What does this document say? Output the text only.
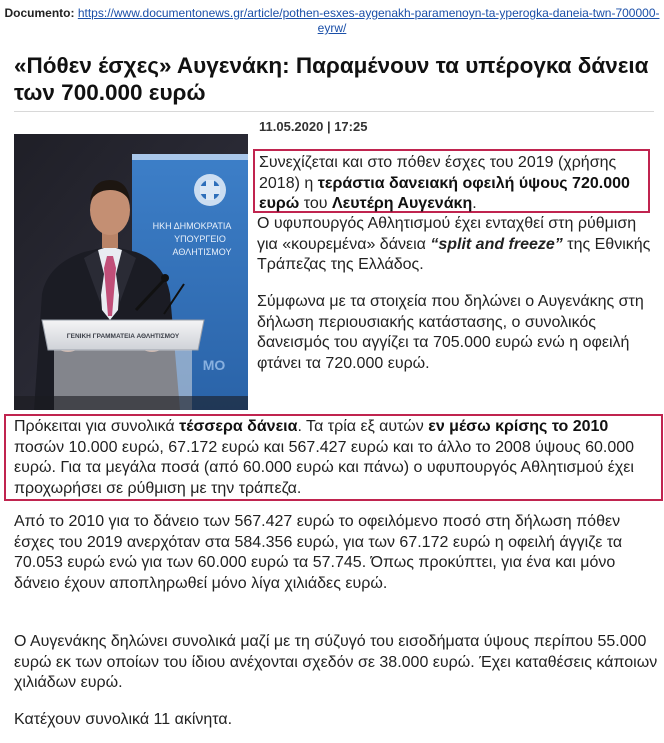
Documento: https://www.documentonews.gr/article/pothen-esxes-aygenakh-paramenoyn-ta-yperogka-daneia-twn-700000-eyrw/
«Πόθεν έσχες» Αυγενάκη: Παραμένουν τα υπέρογκα δάνεια των 700.000 ευρώ
ΗΚΗ ΔΗΜΟΚΡΑΤΙΑ
ΥΠΟΥΡΓΕΙΟ
ΑΘΛΗΤΙΣΜΟΥ
ΜΟ
ΓΕΝΙΚΗ ΓΡΑΜΜΑΤΕΙΑ ΑΘΛΗΤΙΣΜΟΥ
11.05.2020 | 17:25
Συνεχίζεται και στο πόθεν έσχες του 2019 (χρήσης 2018) η τεράστια δανειακή οφειλή ύψους 720.000 ευρώ του Λευτέρη Αυγενάκη.
Ο υφυπουργός Αθλητισμού έχει ενταχθεί στη ρύθμιση για «κουρεμένα» δάνεια “split and freeze” της Εθνικής Τράπεζας της Ελλάδος.
Σύμφωνα με τα στοιχεία που δηλώνει ο Αυγενάκης στη δήλωση περιουσιακής κατάστασης, ο συνολικός δανεισμός του αγγίζει τα 705.000 ευρώ ενώ η οφειλή φτάνει τα 720.000 ευρώ.
Πρόκειται για συνολικά τέσσερα δάνεια. Τα τρία εξ αυτών εν μέσω κρίσης το 2010 ποσών 10.000 ευρώ, 67.172 ευρώ και 567.427 ευρώ και το άλλο το 2008 ύψους 60.000 ευρώ. Για τα μεγάλα ποσά (από 60.000 ευρώ και πάνω) ο υφυπουργός Αθλητισμού έχει προχωρήσει σε ρύθμιση με την τράπεζα.
Από το 2010 για το δάνειο των 567.427 ευρώ το οφειλόμενο ποσό στη δήλωση πόθεν έσχες του 2019 ανερχόταν στα 584.356 ευρώ, για των 67.172 ευρώ η οφειλή άγγιζε τα 70.053 ευρώ ενώ για των 60.000 ευρώ τα 57.745. Όπως προκύπτει, για ένα και μόνο δάνειο έχουν αποπληρωθεί μόνο λίγα χιλιάδες ευρώ.
Ο Αυγενάκης δηλώνει συνολικά μαζί με τη σύζυγό του εισοδήματα ύψους περίπου 55.000 ευρώ εκ των οποίων του ίδιου ανέχονται σχεδόν σε 38.000 ευρώ. Έχει καταθέσεις κάποιων χιλιάδων ευρώ.
Κατέχουν συνολικά 11 ακίνητα.
